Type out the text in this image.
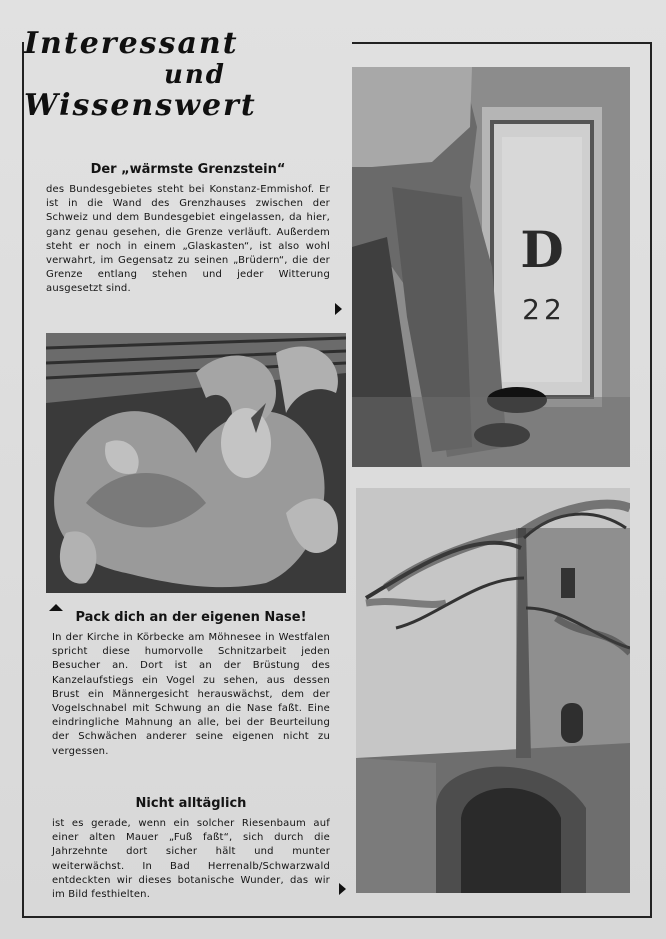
Interessant
und
Wissenswert
Der „wärmste Grenzstein“
des Bundesgebietes steht bei Konstanz-Emmishof. Er ist in die Wand des Grenzhauses zwischen der Schweiz und dem Bundesgebiet eingelassen, da hier, ganz genau gesehen, die Grenze verläuft. Außerdem steht er noch in einem „Glaskasten“, ist also wohl verwahrt, im Gegensatz zu seinen „Brüdern“, die der Grenze entlang stehen und jeder Witterung ausgesetzt sind.
D
22
Pack dich an der eigenen Nase!
In der Kirche in Körbecke am Möhnesee in Westfalen spricht diese humorvolle Schnitzarbeit jeden Besucher an. Dort ist an der Brüstung des Kanzelaufstiegs ein Vogel zu sehen, aus dessen Brust ein Männergesicht herauswächst, dem der Vogelschnabel mit Schwung an die Nase faßt. Eine eindringliche Mahnung an alle, bei der Beurteilung der Schwächen anderer seine eigenen nicht zu vergessen.
Nicht alltäglich
ist es gerade, wenn ein solcher Riesenbaum auf einer alten Mauer „Fuß faßt“, sich durch die Jahrzehnte dort sicher hält und munter weiterwächst. In Bad Herrenalb/Schwarzwald entdeckten wir dieses botanische Wunder, das wir im Bild festhielten.
